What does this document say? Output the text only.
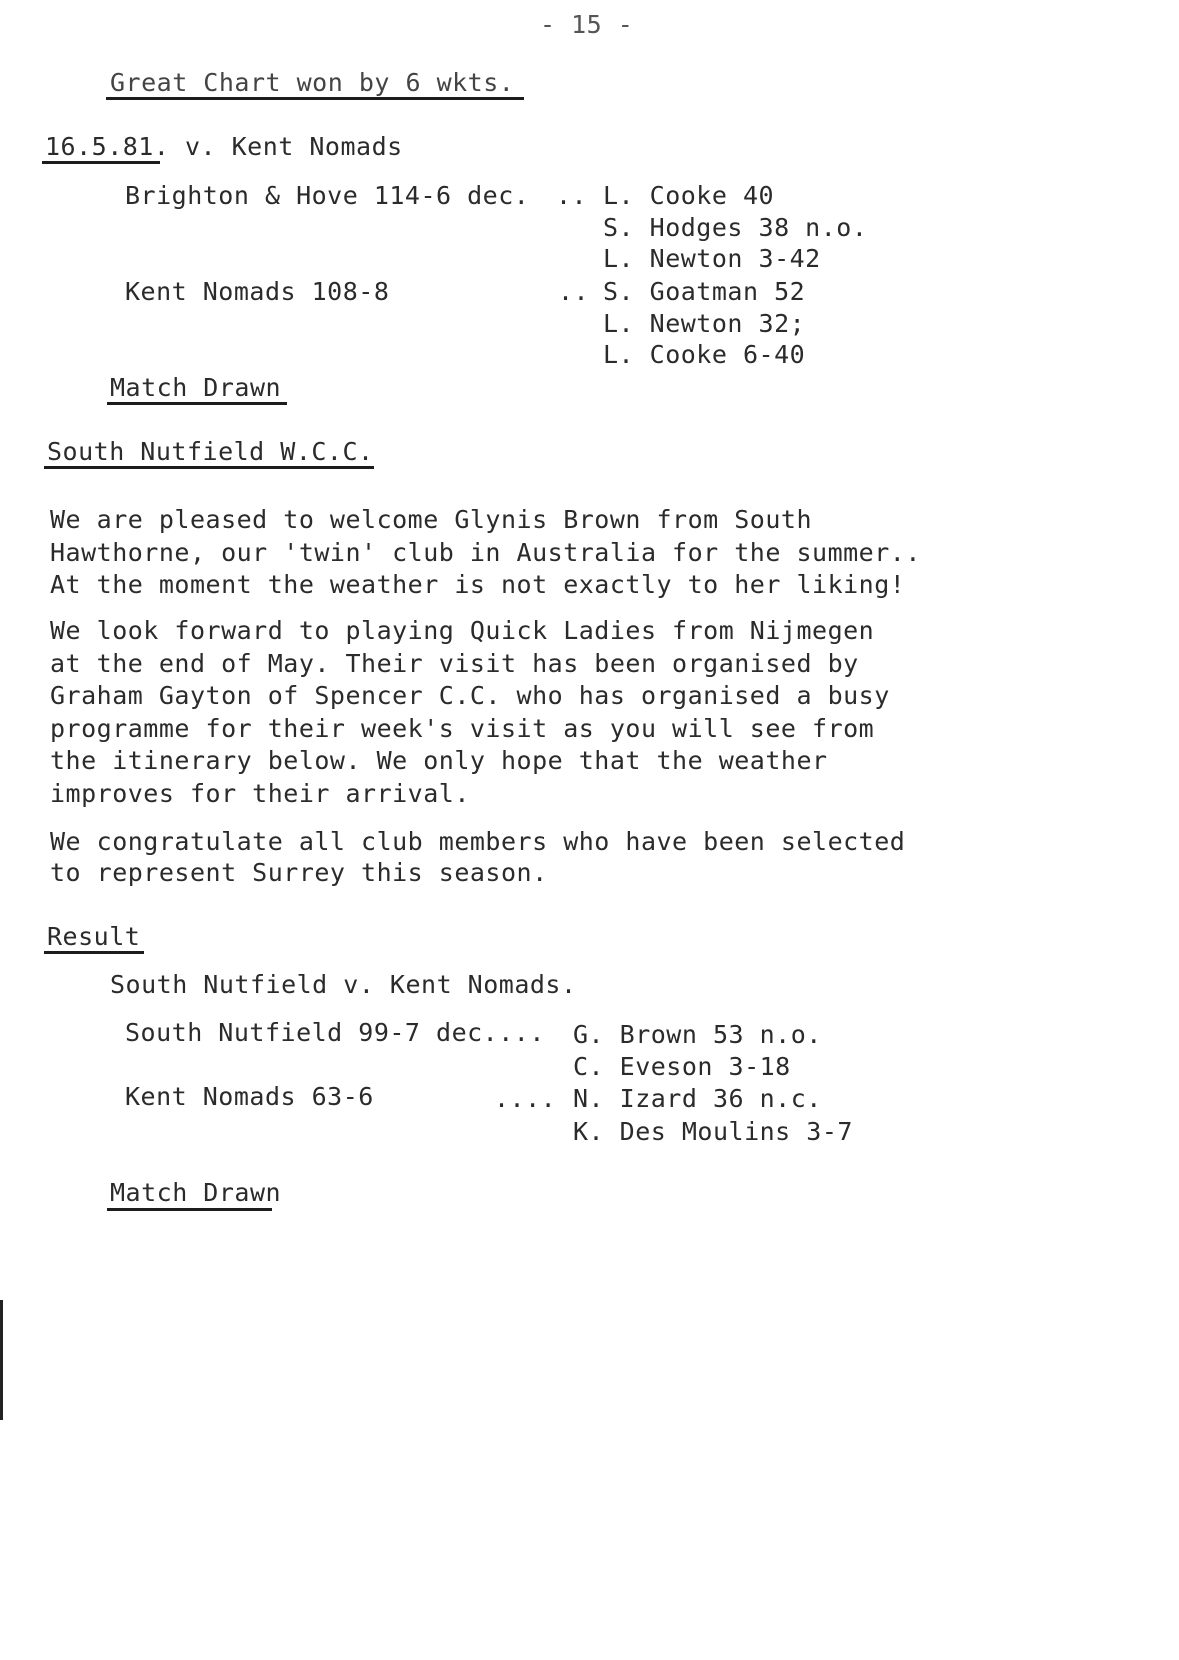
- 15 -
Great Chart won by 6 wkts.
16.5.81. v. Kent Nomads
Brighton & Hove 114-6 dec. .. L. Cooke 40
S. Hodges 38 n.o.
L. Newton 3-42
Kent Nomads 108-8	.. S. Goatman 52
L. Newton 32;
L. Cooke 6-40
Match Drawn
South Nutfield W.C.C.
We are pleased to welcome Glynis Brown from South
Hawthorne, our 'twin' club in Australia for the summer..
At the moment the weather is not exactly to her liking!
We look forward to playing Quick Ladies from Nijmegen
at the end of May. Their visit has been organised by
Graham Gayton of Spencer C.C. who has organised a busy
programme for their week's visit as you will see from
the itinerary below. We only hope that the weather
improves for their arrival.
We congratulate all club members who have been selected
to represent Surrey this season.
Result
South Nutfield v. Kent Nomads.
South Nutfield 99-7 dec.... G. Brown 53 n.o.
C. Eveson 3-18
Kent Nomads 63-6	.... N. Izard 36 n.c.
K. Des Moulins 3-7
Match Drawn
